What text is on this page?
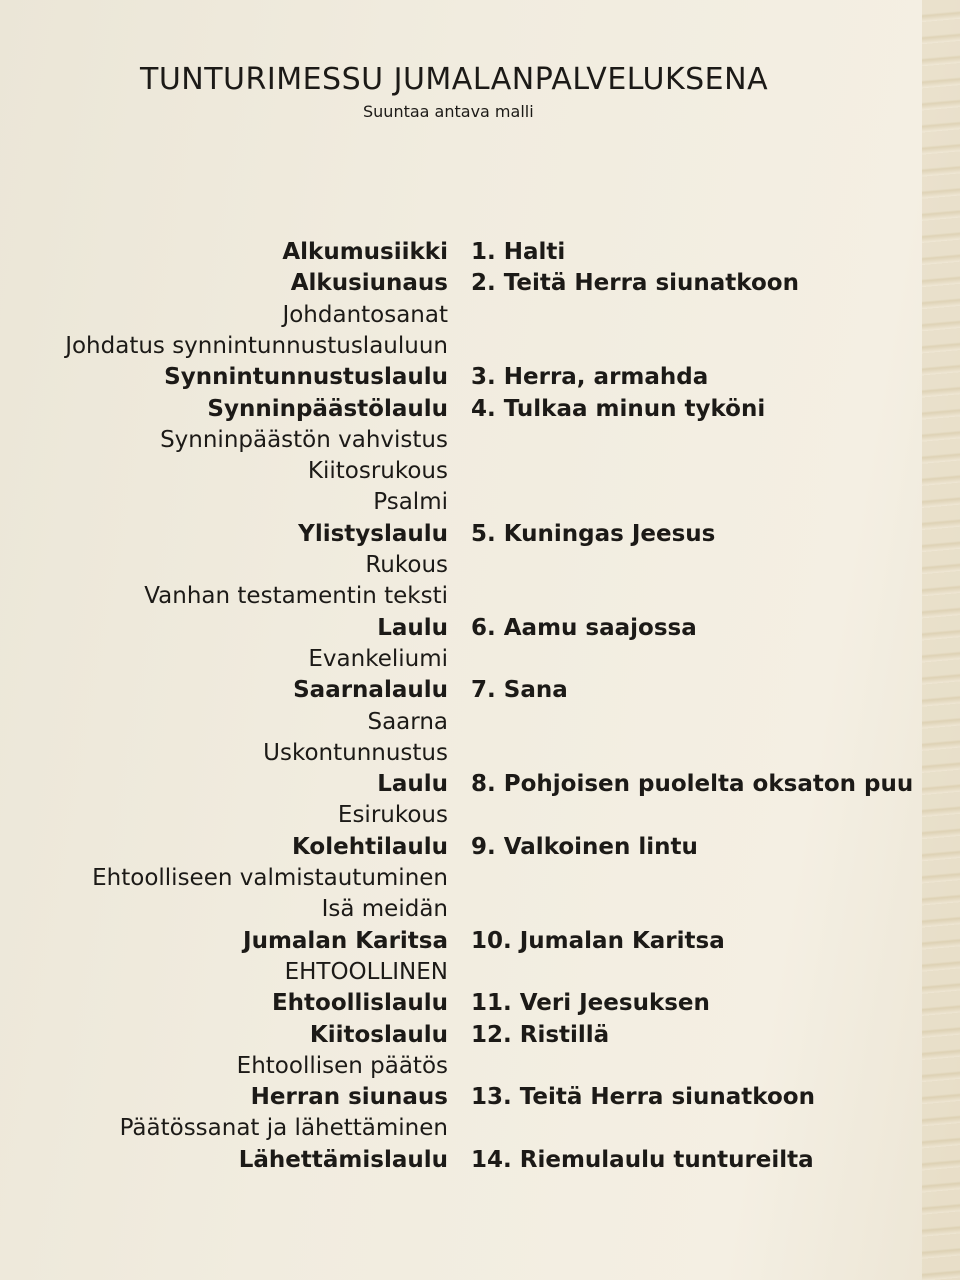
TUNTURIMESSU JUMALANPALVELUKSENA
Suuntaa antava malli
Alkumusiikki 1. Halti
Alkusiunaus 2. Teitä Herra siunatkoon
Johdantosanat
Johdatus synnintunnustuslauluun
Synnintunnustuslaulu 3. Herra, armahda
Synninpäästölaulu 4. Tulkaa minun tyköni
Synninpäästön vahvistus
Kiitosrukous
Psalmi
Ylistyslaulu 5. Kuningas Jeesus
Rukous
Vanhan testamentin teksti
Laulu 6. Aamu saajossa
Evankeliumi
Saarnalaulu 7. Sana
Saarna
Uskontunnustus
Laulu 8. Pohjoisen puolelta oksaton puu
Esirukous
Kolehtilaulu 9. Valkoinen lintu
Ehtoolliseen valmistautuminen
Isä meidän
Jumalan Karitsa 10. Jumalan Karitsa
EHTOOLLINEN
Ehtoollislaulu 11. Veri Jeesuksen
Kiitoslaulu 12. Ristillä
Ehtoollisen päätös
Herran siunaus 13. Teitä Herra siunatkoon
Päätössanat ja lähettäminen
Lähettämislaulu 14. Riemulaulu tuntureilta
